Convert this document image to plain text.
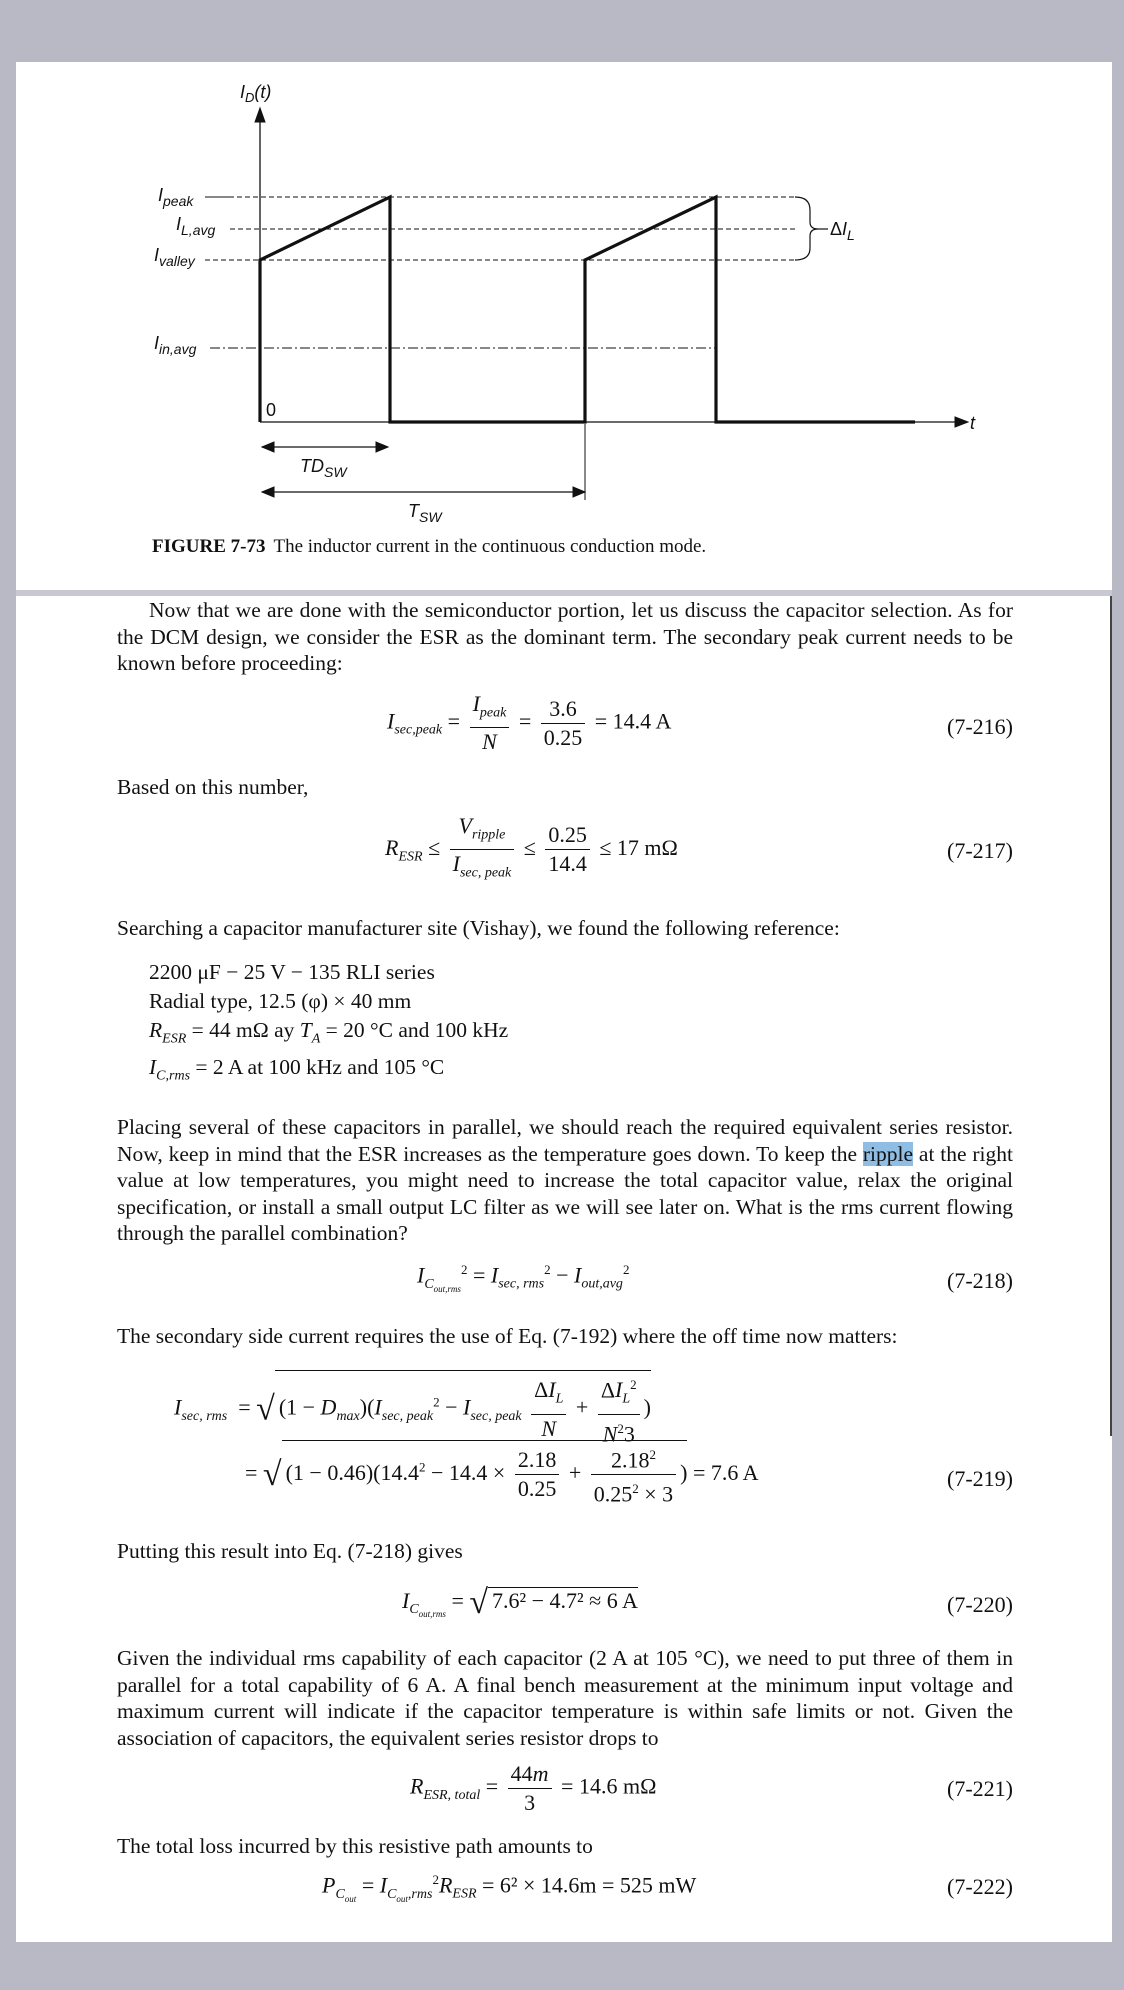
$I_D(t)$
$I_{peak}$
$I_{L,avg}$
$I_{valley}$
$I_{in,avg}$
0
t
$TD_{SW}$
$T_{SW}$
$\Delta I_L$
FIGURE 7-73 The inductor current in the continuous conduction mode.
Now that we are done with the semiconductor portion, let us discuss the capacitor selection. As for the DCM design, we consider the ESR as the dominant term. The secondary peak current needs to be known before proceeding:
$I_{sec,peak} = \frac{I_{peak}}{N} = \frac{3.6}{0.25} = 14.4$ A	(7-216)
Based on this number,
$R_{ESR} \le \frac{V_{ripple}}{I_{sec, peak}} \le \frac{0.25}{14.4} \le 17$ mΩ	(7-217)
Searching a capacitor manufacturer site (Vishay), we found the following reference:
2200 μF − 25 V − 135 RLI series
Radial type, 12.5 (φ) × 40 mm
$R_{ESR} = 44$ mΩ ay $T_A = 20$ °C and 100 kHz
$I_{C,rms} = 2$ A at 100 kHz and 105 °C
Placing several of these capacitors in parallel, we should reach the required equivalent series resistor. Now, keep in mind that the ESR increases as the temperature goes down. To keep the ripple at the right value at low temperatures, you might need to increase the total capacitor value, relax the original specification, or install a small output LC filter as we will see later on. What is the rms current flowing through the parallel combination?
$I_{C_{out,rms}}^2 = I_{sec, rms}^2 - I_{out,avg}^2$	(7-218)
The secondary side current requires the use of Eq. (7-192) where the off time now matters:
$I_{sec, rms}$  = √ $(1 - D_{max})(I_{sec, peak}^2 - I_{sec, peak} \frac{\Delta I_L}{N} + \frac{\Delta I_L^2}{N^23}$ )
= √ $(1 - 0.46)(14.4^2 - 14.4 \times \frac{2.18}{0.25} + \frac{2.18^2}{0.25^2 \times 3}$ ) = 7.6 A	(7-219)
Putting this result into Eq. (7-218) gives
$I_{C_{out,rms}}$ = √ 7.6² − 4.7² ≈ 6 A	(7-220)
Given the individual rms capability of each capacitor (2 A at 105 °C), we need to put three of them in parallel for a total capability of 6 A. A final bench measurement at the minimum input voltage and maximum current will indicate if the capacitor temperature is within safe limits or not. Given the association of capacitors, the equivalent series resistor drops to
$R_{ESR, total} = \frac{44m}{3} = 14.6$ mΩ	(7-221)
The total loss incurred by this resistive path amounts to
$P_{C_{out}} = I_{C_{out},rms}^2R_{ESR} = 6^2 \times 14.6m = 525$ mW	(7-222)
